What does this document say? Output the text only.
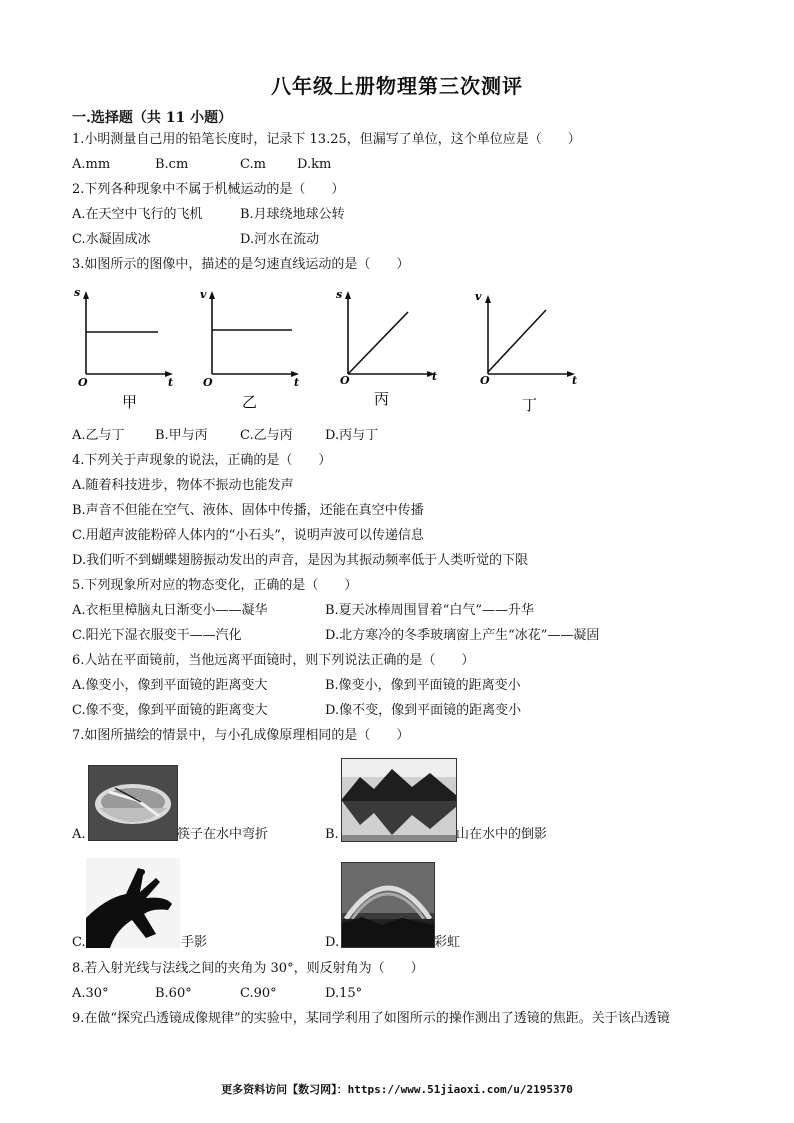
八年级上册物理第三次测评
一.选择题（共 11 小题）
1.小明测量自己用的铅笔长度时，记录下 13.25，但漏写了单位，这个单位应是（　　）
A.mm	B.cm	C.m D.km
2.下列各种现象中不属于机械运动的是（　　）
A.在天空中飞行的飞机	B.月球绕地球公转
C.水凝固成冰	D.河水在流动
3.如图所示的图像中，描述的是匀速直线运动的是（　　）
s
t
O
甲
v
t
O
乙
s
t
O
丙
v
t
O
丁
A.乙与丁 B.甲与丙 C.乙与丙 D.丙与丁
4.下列关于声现象的说法，正确的是（　　）
A.随着科技进步，物体不振动也能发声
B.声音不但能在空气、液体、固体中传播，还能在真空中传播
C.用超声波能粉碎人体内的“小石头”，说明声波可以传递信息
D.我们听不到蝴蝶翅膀振动发出的声音，是因为其振动频率低于人类听觉的下限
5.下列现象所对应的物态变化，正确的是（　　）
A.衣柜里樟脑丸日渐变小——凝华	B.夏天冰棒周围冒着“白气”——升华
C.阳光下湿衣服变干——汽化	D.北方寒冷的冬季玻璃窗上产生“冰花”——凝固
6.人站在平面镜前，当他远离平面镜时，则下列说法正确的是（　　）
A.像变小，像到平面镜的距离变大	B.像变小，像到平面镜的距离变小
C.像不变，像到平面镜的距离变大	D.像不变，像到平面镜的距离变小
7.如图所描绘的情景中，与小孔成像原理相同的是（　　）
A.	筷子在水中弯折	B.	山在水中的倒影
C.	手影	D.	彩虹
8.若入射光线与法线之间的夹角为 30°，则反射角为（　　）
A.30°	B.60°	C.90°	D.15°
9.在做“探究凸透镜成像规律”的实验中，某同学利用了如图所示的操作测出了透镜的焦距。关于该凸透镜
更多资料访问【数习网】：https://www.51jiaoxi.com/u/2195370
